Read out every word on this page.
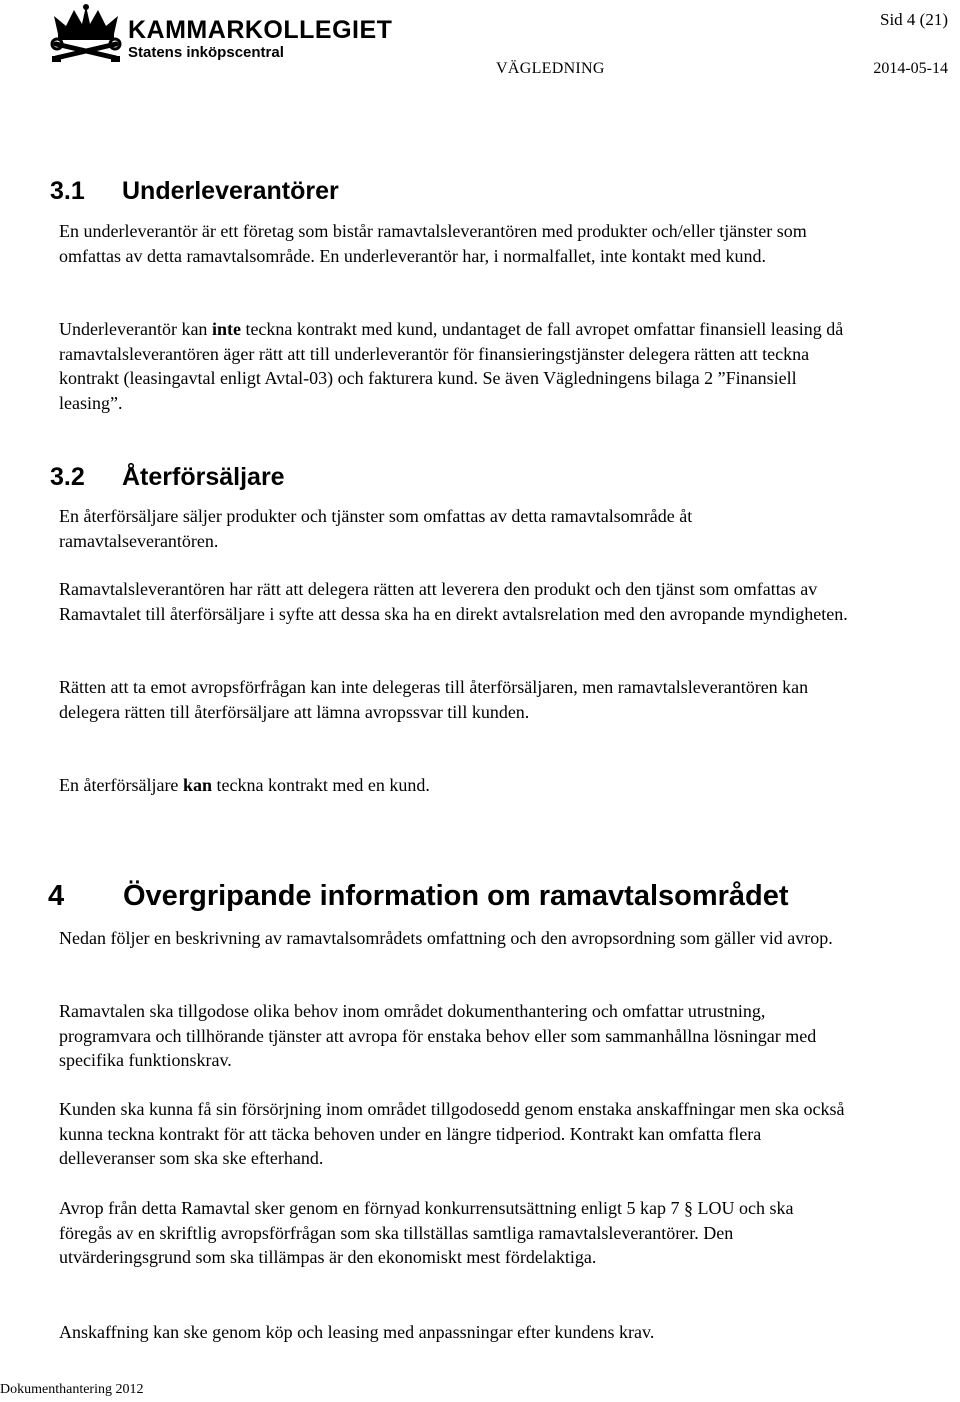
KAMMARKOLLEGIET
Statens inköpscentral
Sid 4 (21)
VÄGLEDNING	2014-05-14
3.1 Underleverantörer
En underleverantör är ett företag som bistår ramavtalsleverantören med produkter och/eller tjänster som omfattas av detta ramavtalsområde. En underleverantör har, i normalfallet, inte kontakt med kund.
Underleverantör kan inte teckna kontrakt med kund, undantaget de fall avropet omfattar finansiell leasing då ramavtalsleverantören äger rätt att till underleverantör för finansieringstjänster delegera rätten att teckna kontrakt (leasingavtal enligt Avtal-03) och fakturera kund. Se även Vägledningens bilaga 2 ”Finansiell leasing”.
3.2 Återförsäljare
En återförsäljare säljer produkter och tjänster som omfattas av detta ramavtalsområde åt ramavtalseverantören.
Ramavtalsleverantören har rätt att delegera rätten att leverera den produkt och den tjänst som omfattas av Ramavtalet till återförsäljare i syfte att dessa ska ha en direkt avtalsrelation med den avropande myndigheten.
Rätten att ta emot avropsförfrågan kan inte delegeras till återförsäljaren, men ramavtalsleverantören kan delegera rätten till återförsäljare att lämna avropssvar till kunden.
En återförsäljare kan teckna kontrakt med en kund.
4 Övergripande information om ramavtalsområdet
Nedan följer en beskrivning av ramavtalsområdets omfattning och den avropsordning som gäller vid avrop.
Ramavtalen ska tillgodose olika behov inom området dokumenthantering och omfattar utrustning, programvara och tillhörande tjänster att avropa för enstaka behov eller som sammanhållna lösningar med specifika funktionskrav.
Kunden ska kunna få sin försörjning inom området tillgodosedd genom enstaka anskaffningar men ska också kunna teckna kontrakt för att täcka behoven under en längre tidperiod. Kontrakt kan omfatta flera delleveranser som ska ske efterhand.
Avrop från detta Ramavtal sker genom en förnyad konkurrensutsättning enligt 5 kap 7 § LOU och ska föregås av en skriftlig avropsförfrågan som ska tillställas samtliga ramavtalsleverantörer. Den utvärderingsgrund som ska tillämpas är den ekonomiskt mest fördelaktiga.
Anskaffning kan ske genom köp och leasing med anpassningar efter kundens krav.
Dokumenthantering 2012
